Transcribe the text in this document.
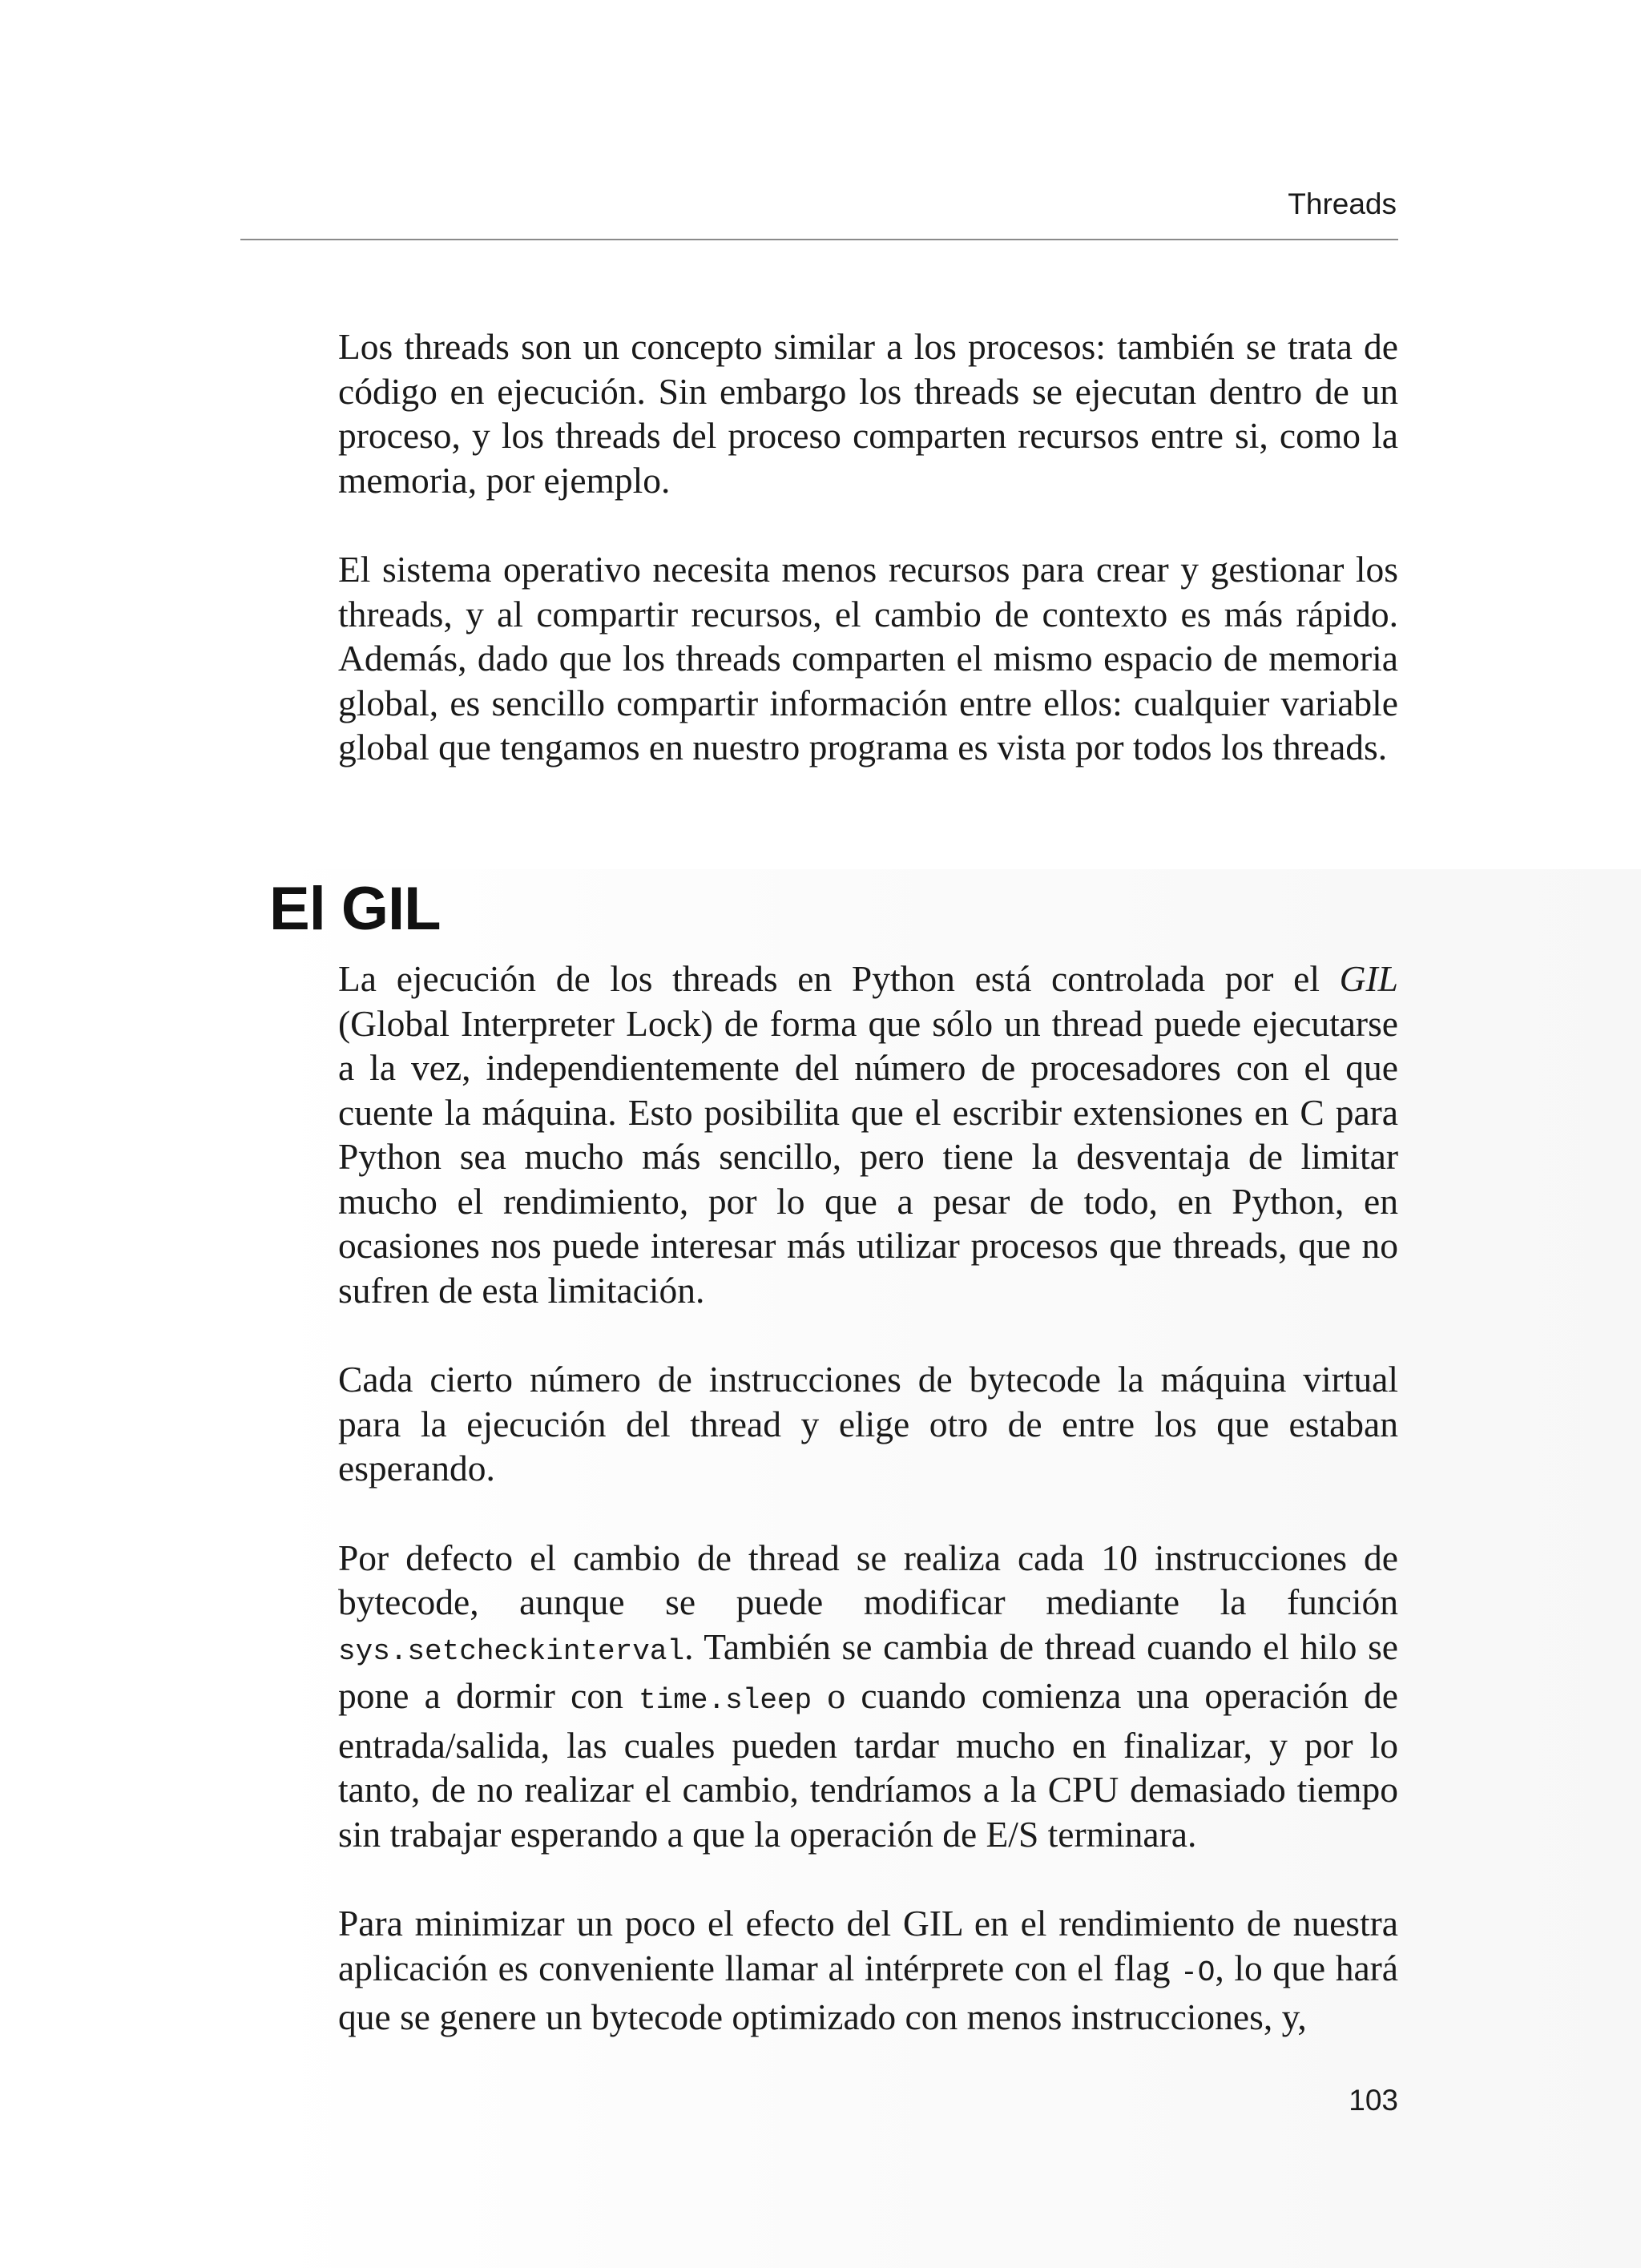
Threads

Los threads son un concepto similar a los procesos: también se trata de código en ejecución. Sin embargo los threads se ejecutan dentro de un proceso, y los threads del proceso comparten recursos entre si, como la memoria, por ejemplo.

El sistema operativo necesita menos recursos para crear y gestionar los threads, y al compartir recursos, el cambio de contexto es más rápido. Además, dado que los threads comparten el mismo espacio de memoria global, es sencillo compartir información entre ellos: cualquier variable global que tengamos en nuestro programa es vista por todos los threads.

El GIL

La ejecución de los threads en Python está controlada por el GIL (Global Interpreter Lock) de forma que sólo un thread puede ejecutarse a la vez, independientemente del número de procesadores con el que cuente la máquina. Esto posibilita que el escribir extensiones en C para Python sea mucho más sencillo, pero tiene la desventaja de limitar mucho el rendimiento, por lo que a pesar de todo, en Python, en ocasiones nos puede interesar más utilizar procesos que threads, que no sufren de esta limitación.

Cada cierto número de instrucciones de bytecode la máquina virtual para la ejecución del thread y elige otro de entre los que estaban esperando.

Por defecto el cambio de thread se realiza cada 10 instrucciones de bytecode, aunque se puede modificar mediante la función sys.setcheckinterval. También se cambia de thread cuando el hilo se pone a dormir con time.sleep o cuando comienza una operación de entrada/salida, las cuales pueden tardar mucho en finalizar, y por lo tanto, de no realizar el cambio, tendríamos a la CPU demasiado tiempo sin trabajar esperando a que la operación de E/S terminara.

Para minimizar un poco el efecto del GIL en el rendimiento de nuestra aplicación es conveniente llamar al intérprete con el flag -O, lo que hará que se genere un bytecode optimizado con menos instrucciones, y,

103
